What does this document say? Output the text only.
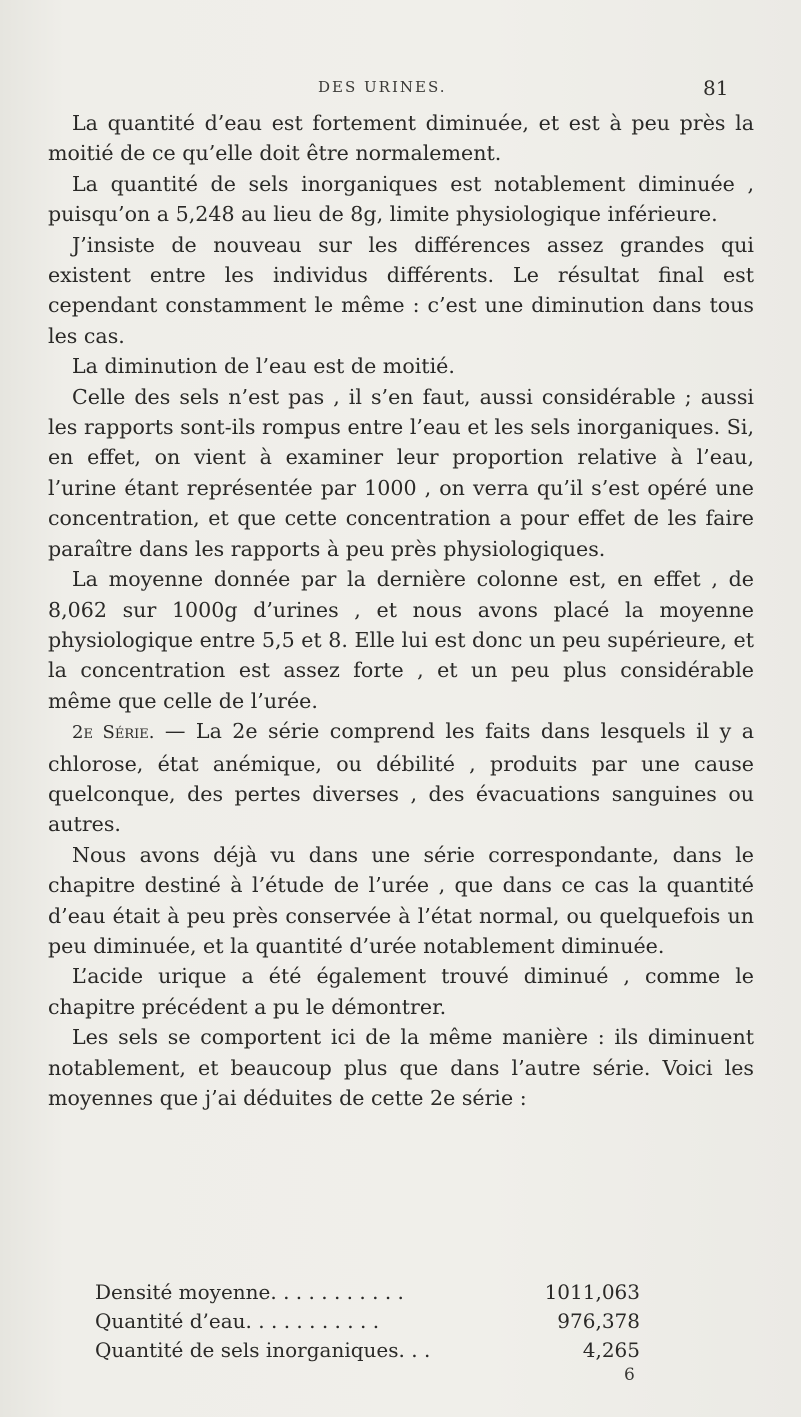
DES URINES.	81

La quantité d’eau est fortement diminuée, et est à peu près la moitié de ce qu’elle doit être normalement.

La quantité de sels inorganiques est notablement diminuée , puisqu’on a 5,248 au lieu de 8g, limite physiologique inférieure.

J’insiste de nouveau sur les différences assez grandes qui existent entre les individus différents. Le résultat final est cependant constamment le même : c’est une diminution dans tous les cas.

La diminution de l’eau est de moitié.

Celle des sels n’est pas , il s’en faut, aussi considérable ; aussi les rapports sont-ils rompus entre l’eau et les sels inorganiques. Si, en effet, on vient à examiner leur proportion relative à l’eau, l’urine étant représentée par 1000 , on verra qu’il s’est opéré une concentration, et que cette concentration a pour effet de les faire paraître dans les rapports à peu près physiologiques.

La moyenne donnée par la dernière colonne est, en effet , de 8,062 sur 1000g d’urines , et nous avons placé la moyenne physiologique entre 5,5 et 8. Elle lui est donc un peu supérieure, et la concentration est assez forte , et un peu plus considérable même que celle de l’urée.

2e Série. — La 2e série comprend les faits dans lesquels il y a chlorose, état anémique, ou débilité , produits par une cause quelconque, des pertes diverses , des évacuations sanguines ou autres.

Nous avons déjà vu dans une série correspondante, dans le chapitre destiné à l’étude de l’urée , que dans ce cas la quantité d’eau était à peu près conservée à l’état normal, ou quelquefois un peu diminuée, et la quantité d’urée notablement diminuée.

L’acide urique a été également trouvé diminué , comme le chapitre précédent a pu le démontrer.

Les sels se comportent ici de la même manière : ils diminuent notablement, et beaucoup plus que dans l’autre série. Voici les moyennes que j’ai déduites de cette 2e série :

Densité moyenne. . . . . . . . . . .	1011,063
Quantité d’eau. . . . . . . . . . .	976,378
Quantité de sels inorganiques. . .	4,265
6
